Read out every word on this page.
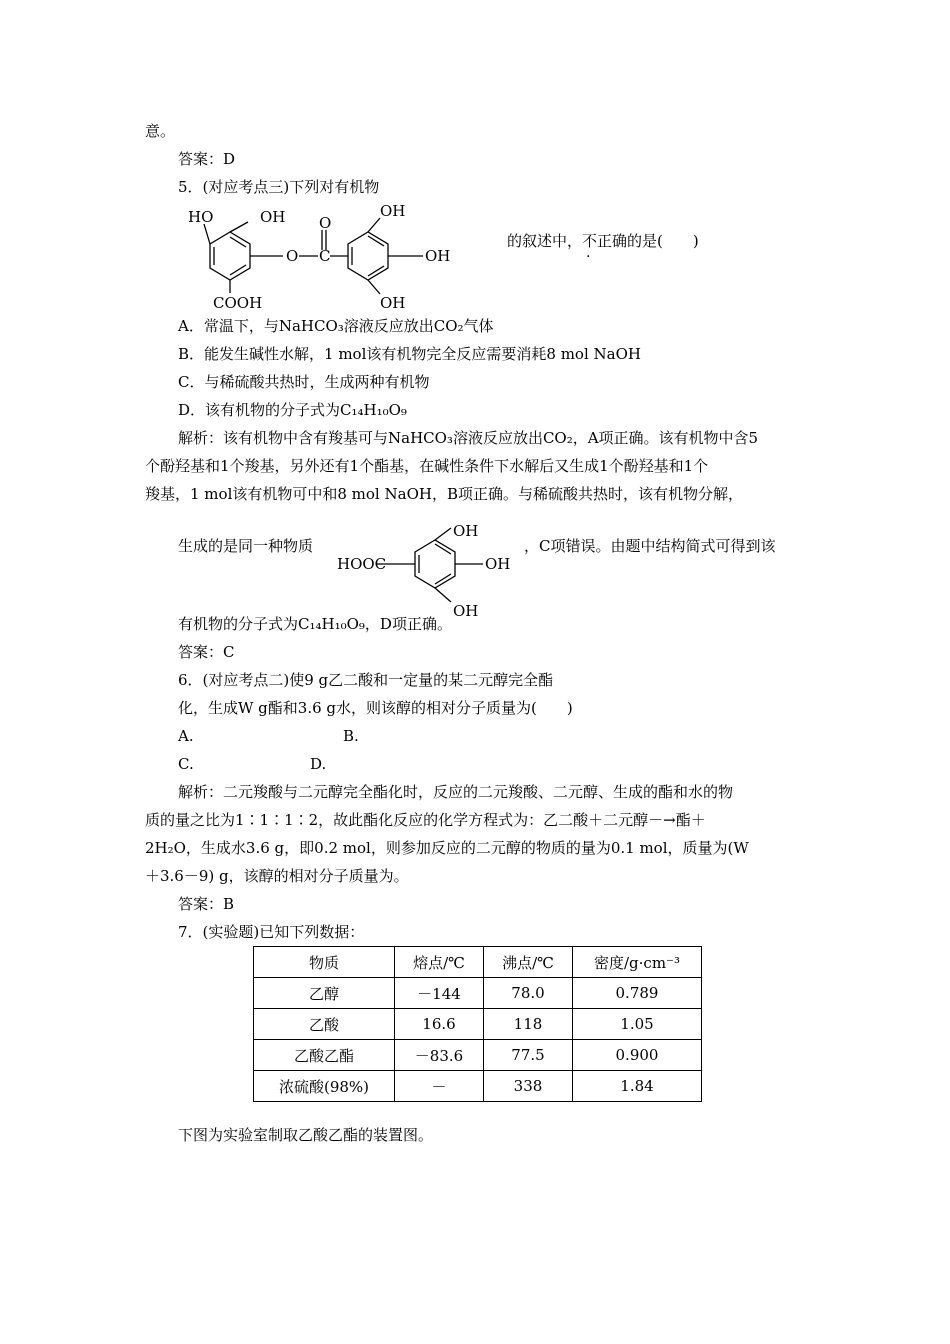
意。
答案：D
5．(对应考点三)下列对有机物
HO	OH
O
O
C
OH
OH
OH
COOH
的叙述中，不正确的是(　　)
A．常温下，与NaHCO₃溶液反应放出CO₂气体
B．能发生碱性水解，1 mol该有机物完全反应需要消耗8 mol NaOH
C．与稀硫酸共热时，生成两种有机物
D．该有机物的分子式为C₁₄H₁₀O₉
解析：该有机物中含有羧基可与NaHCO₃溶液反应放出CO₂，A项正确。该有机物中含5
个酚羟基和1个羧基，另外还有1个酯基，在碱性条件下水解后又生成1个酚羟基和1个
羧基，1 mol该有机物可中和8 mol NaOH，B项正确。与稀硫酸共热时，该有机物分解，
生成的是同一种物质
HOOC
OH
OH
OH
，C项错误。由题中结构简式可得到该
有机物的分子式为C₁₄H₁₀O₉，D项正确。
答案：C
6．(对应考点二)使9 g乙二酸和一定量的某二元醇完全酯
化，生成W g酯和3.6 g水，则该醇的相对分子质量为(　　)
A.	B.
C.	D.
解析：二元羧酸与二元醇完全酯化时，反应的二元羧酸、二元醇、生成的酯和水的物
质的量之比为1∶1∶1∶2，故此酯化反应的化学方程式为：乙二酸＋二元醇－→酯＋
2H₂O，生成水3.6 g，即0.2 mol，则参加反应的二元醇的物质的量为0.1 mol，质量为(W
＋3.6－9) g，该醇的相对分子质量为。
答案：B
7．(实验题)已知下列数据：
物质	熔点/℃	沸点/℃	密度/g·cm⁻³
乙醇	－144	78.0	0.789
乙酸	16.6	118	1.05
乙酸乙酯	－83.6	77.5	0.900
浓硫酸(98%)	－	338	1.84
下图为实验室制取乙酸乙酯的装置图。
